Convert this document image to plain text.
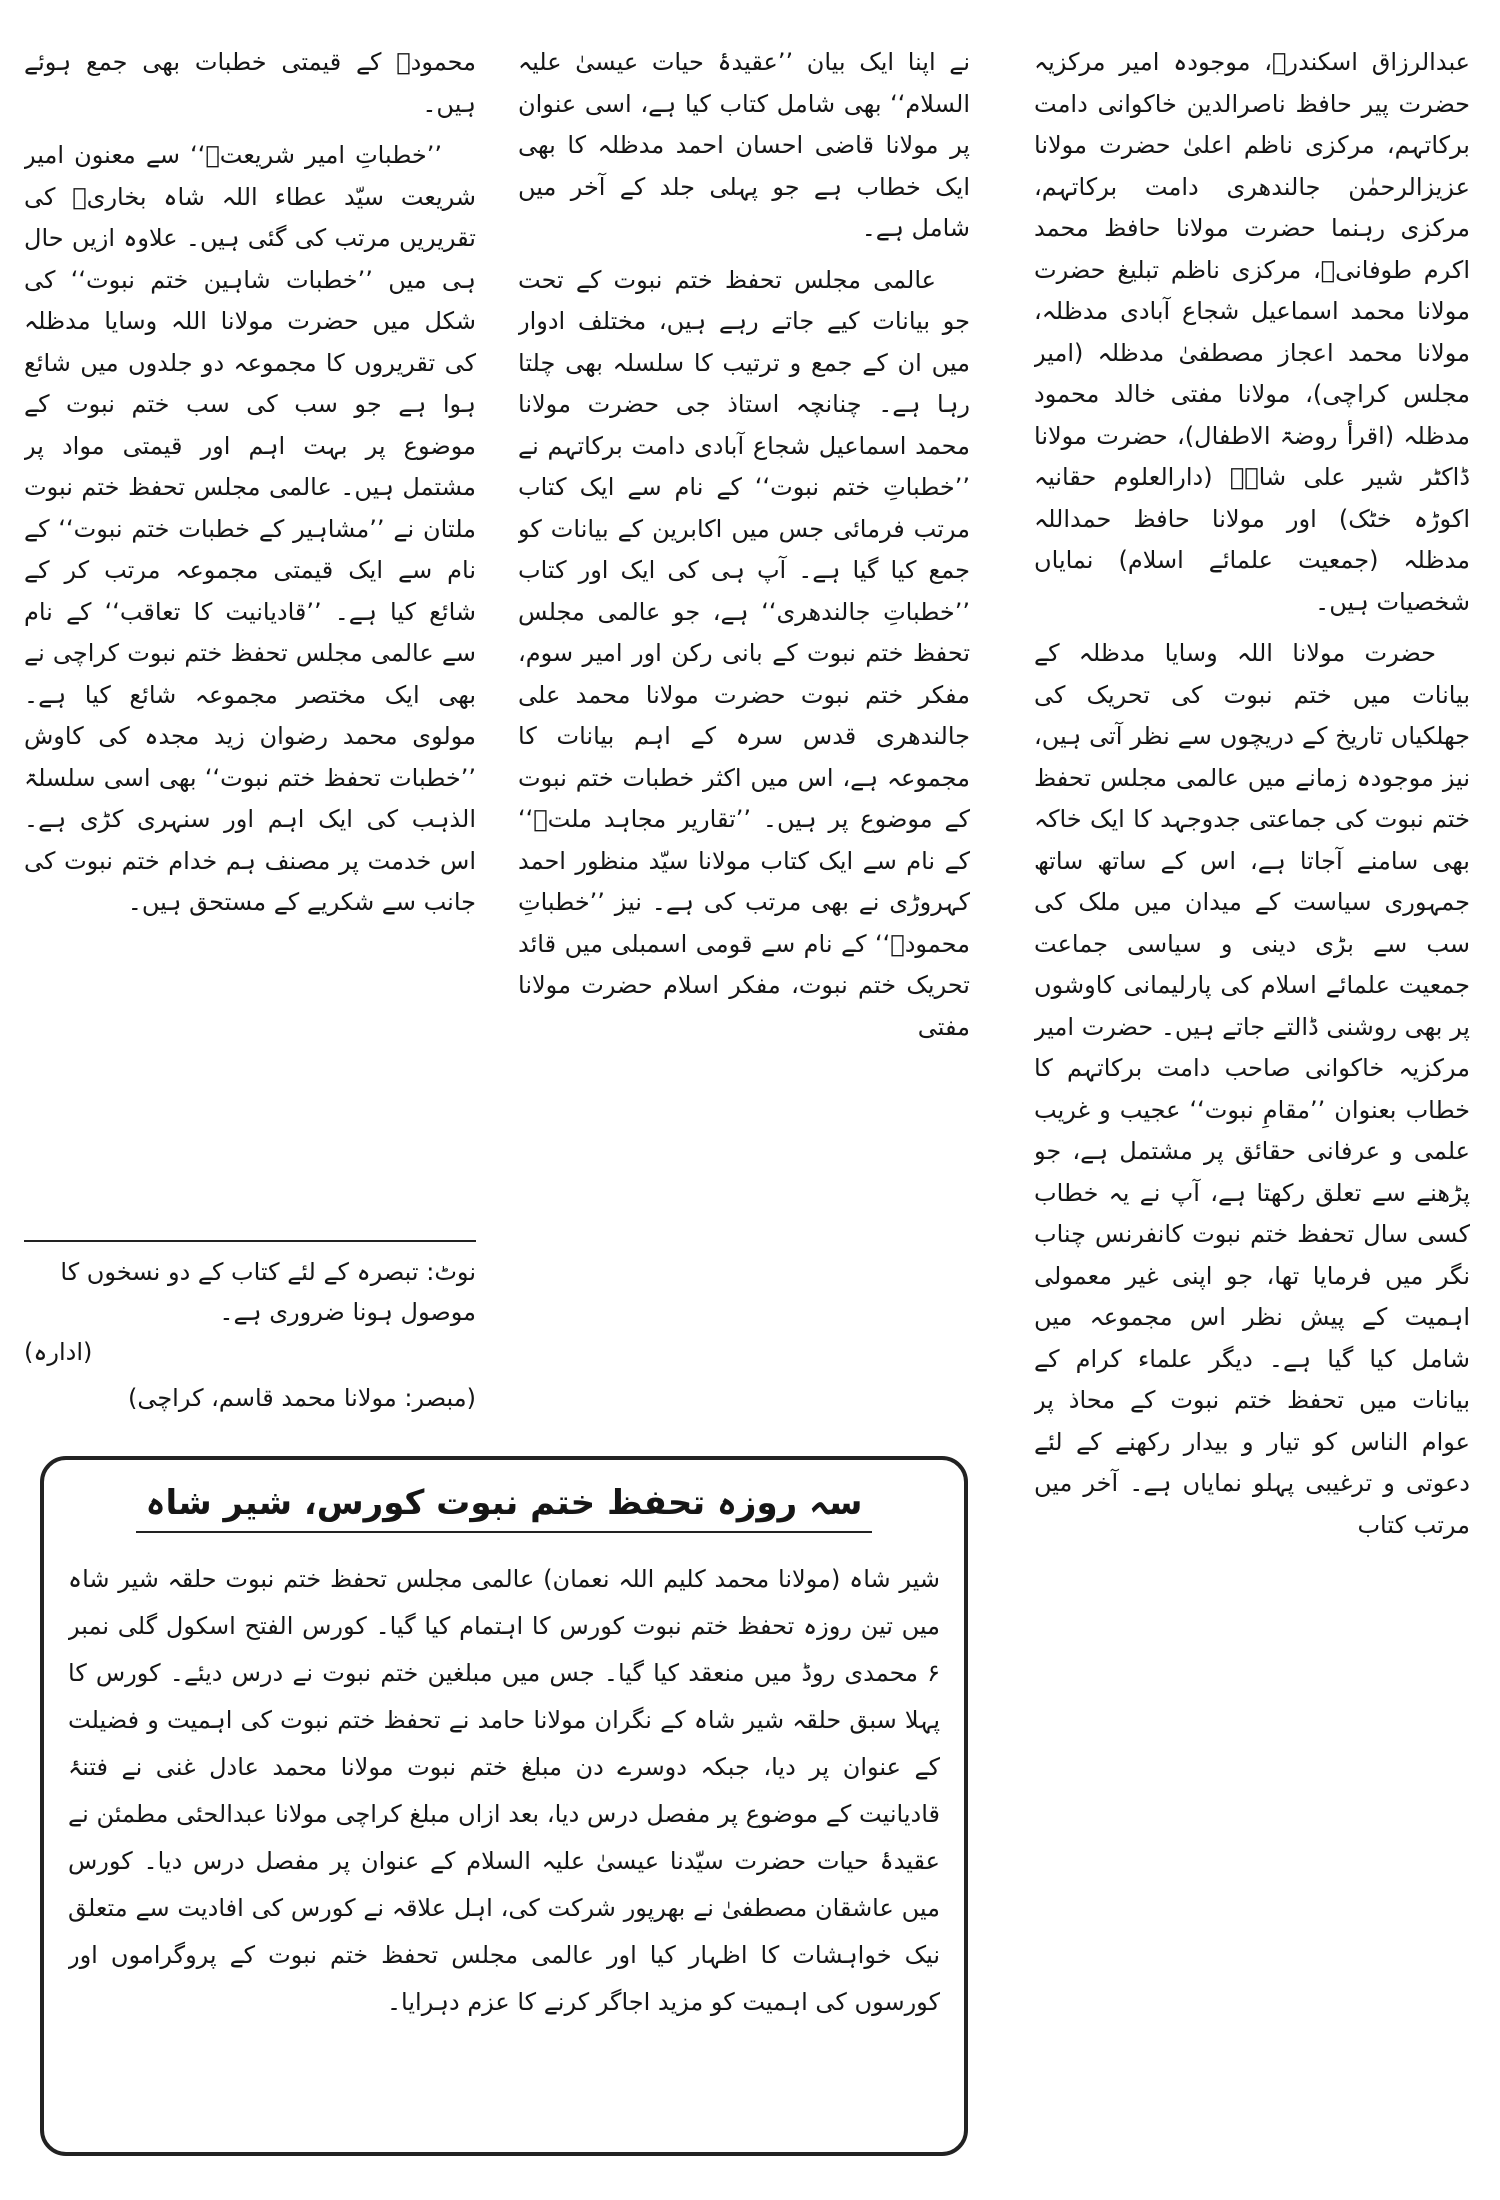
عبدالرزاق اسکندرؒ، موجودہ امیر مرکزیہ حضرت پیر حافظ ناصرالدین خاکوانی دامت برکاتہم، مرکزی ناظم اعلیٰ حضرت مولانا عزیزالرحمٰن جالندھری دامت برکاتہم، مرکزی رہنما حضرت مولانا حافظ محمد اکرم طوفانیؒ، مرکزی ناظم تبلیغ حضرت مولانا محمد اسماعیل شجاع آبادی مدظلہ، مولانا محمد اعجاز مصطفیٰ مدظلہ (امیر مجلس کراچی)، مولانا مفتی خالد محمود مدظلہ (اقرأ روضۃ الاطفال)، حضرت مولانا ڈاکٹر شیر علی شاہؒ (دارالعلوم حقانیہ اکوڑہ خٹک) اور مولانا حافظ حمداللہ مدظلہ (جمعیت علمائے اسلام) نمایاں شخصیات ہیں۔

حضرت مولانا اللہ وسایا مدظلہ کے بیانات میں ختم نبوت کی تحریک کی جھلکیاں تاریخ کے دریچوں سے نظر آتی ہیں، نیز موجودہ زمانے میں عالمی مجلس تحفظ ختم نبوت کی جماعتی جدوجہد کا ایک خاکہ بھی سامنے آجاتا ہے، اس کے ساتھ ساتھ جمہوری سیاست کے میدان میں ملک کی سب سے بڑی دینی و سیاسی جماعت جمعیت علمائے اسلام کی پارلیمانی کاوشوں پر بھی روشنی ڈالتے جاتے ہیں۔ حضرت امیر مرکزیہ خاکوانی صاحب دامت برکاتہم کا خطاب بعنوان ’’مقامِ نبوت‘‘ عجیب و غریب علمی و عرفانی حقائق پر مشتمل ہے، جو پڑھنے سے تعلق رکھتا ہے، آپ نے یہ خطاب کسی سال تحفظ ختم نبوت کانفرنس چناب نگر میں فرمایا تھا، جو اپنی غیر معمولی اہمیت کے پیش نظر اس مجموعہ میں شامل کیا گیا ہے۔ دیگر علماء کرام کے بیانات میں تحفظ ختم نبوت کے محاذ پر عوام الناس کو تیار و بیدار رکھنے کے لئے دعوتی و ترغیبی پہلو نمایاں ہے۔ آخر میں مرتب کتاب

نے اپنا ایک بیان ’’عقیدۂ حیات عیسیٰ علیہ السلام‘‘ بھی شامل کتاب کیا ہے، اسی عنوان پر مولانا قاضی احسان احمد مدظلہ کا بھی ایک خطاب ہے جو پہلی جلد کے آخر میں شامل ہے۔

عالمی مجلس تحفظ ختم نبوت کے تحت جو بیانات کیے جاتے رہے ہیں، مختلف ادوار میں ان کے جمع و ترتیب کا سلسلہ بھی چلتا رہا ہے۔ چنانچہ استاذ جی حضرت مولانا محمد اسماعیل شجاع آبادی دامت برکاتہم نے ’’خطباتِ ختم نبوت‘‘ کے نام سے ایک کتاب مرتب فرمائی جس میں اکابرین کے بیانات کو جمع کیا گیا ہے۔ آپ ہی کی ایک اور کتاب ’’خطباتِ جالندھری‘‘ ہے، جو عالمی مجلس تحفظ ختم نبوت کے بانی رکن اور امیر سوم، مفکر ختم نبوت حضرت مولانا محمد علی جالندھری قدس سرہ کے اہم بیانات کا مجموعہ ہے، اس میں اکثر خطبات ختم نبوت کے موضوع پر ہیں۔ ’’تقاریر مجاہد ملتؒ‘‘ کے نام سے ایک کتاب مولانا سیّد منظور احمد کہروڑی نے بھی مرتب کی ہے۔ نیز ’’خطباتِ محمودؒ‘‘ کے نام سے قومی اسمبلی میں قائد تحریک ختم نبوت، مفکر اسلام حضرت مولانا مفتی

محمودؒ کے قیمتی خطبات بھی جمع ہوئے ہیں۔

’’خطباتِ امیر شریعتؒ‘‘ سے معنون امیر شریعت سیّد عطاء اللہ شاہ بخاریؒ کی تقریریں مرتب کی گئی ہیں۔ علاوہ ازیں حال ہی میں ’’خطبات شاہین ختم نبوت‘‘ کی شکل میں حضرت مولانا اللہ وسایا مدظلہ کی تقریروں کا مجموعہ دو جلدوں میں شائع ہوا ہے جو سب کی سب ختم نبوت کے موضوع پر بہت اہم اور قیمتی مواد پر مشتمل ہیں۔ عالمی مجلس تحفظ ختم نبوت ملتان نے ’’مشاہیر کے خطبات ختم نبوت‘‘ کے نام سے ایک قیمتی مجموعہ مرتب کر کے شائع کیا ہے۔ ’’قادیانیت کا تعاقب‘‘ کے نام سے عالمی مجلس تحفظ ختم نبوت کراچی نے بھی ایک مختصر مجموعہ شائع کیا ہے۔ مولوی محمد رضوان زید مجدہ کی کاوش ’’خطبات تحفظ ختم نبوت‘‘ بھی اسی سلسلۃ الذہب کی ایک اہم اور سنہری کڑی ہے۔ اس خدمت پر مصنف ہم خدام ختم نبوت کی جانب سے شکریے کے مستحق ہیں۔

نوٹ: تبصرہ کے لئے کتاب کے دو نسخوں کا موصول ہونا ضروری ہے۔
(ادارہ)
(مبصر: مولانا محمد قاسم، کراچی)
سہ روزہ تحفظ ختم نبوت کورس، شیر شاہ
شیر شاہ (مولانا محمد کلیم اللہ نعمان) عالمی مجلس تحفظ ختم نبوت حلقہ شیر شاہ میں تین روزہ تحفظ ختم نبوت کورس کا اہتمام کیا گیا۔ کورس الفتح اسکول گلی نمبر ۶ محمدی روڈ میں منعقد کیا گیا۔ جس میں مبلغین ختم نبوت نے درس دیئے۔ کورس کا پہلا سبق حلقہ شیر شاہ کے نگران مولانا حامد نے تحفظ ختم نبوت کی اہمیت و فضیلت کے عنوان پر دیا، جبکہ دوسرے دن مبلغ ختم نبوت مولانا محمد عادل غنی نے فتنۂ قادیانیت کے موضوع پر مفصل درس دیا، بعد ازاں مبلغ کراچی مولانا عبدالحئی مطمئن نے عقیدۂ حیات حضرت سیّدنا عیسیٰ علیہ السلام کے عنوان پر مفصل درس دیا۔ کورس میں عاشقان مصطفیٰ نے بھرپور شرکت کی، اہل علاقہ نے کورس کی افادیت سے متعلق نیک خواہشات کا اظہار کیا اور عالمی مجلس تحفظ ختم نبوت کے پروگراموں اور کورسوں کی اہمیت کو مزید اجاگر کرنے کا عزم دہرایا۔
